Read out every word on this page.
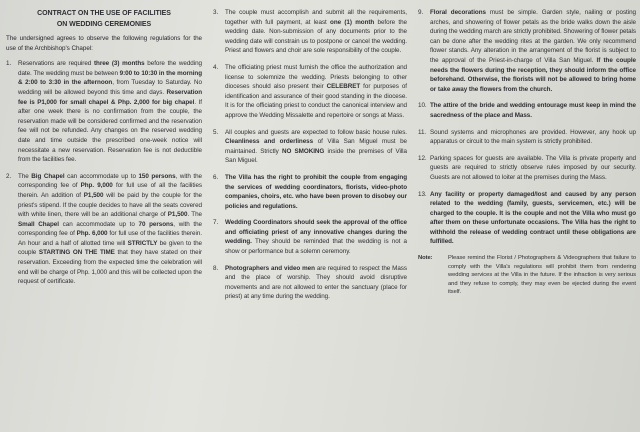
CONTRACT ON THE USE OF FACILITIES
ON WEDDING CEREMONIES

The undersigned agrees to observe the following regulations for the use of the Archbishop's Chapel:
1.	Reservations are required three (3) months before the wedding date. The wedding must be between 9:00 to 10:30 in the morning & 2:00 to 3:30 in the afternoon, from Tuesday to Saturday. No wedding will be allowed beyond this time and days. Reservation fee is P1,000 for small chapel & Php. 2,000 for big chapel. If after one week there is no confirmation from the couple, the reservation made will be considered confirmed and the reservation fee will not be refunded. Any changes on the reserved wedding date and time outside the prescribed one-week notice will necessitate a new reservation. Reservation fee is not deductible from the facilities fee.
2.	The Big Chapel can accommodate up to 150 persons, with the corresponding fee of Php. 9,000 for full use of all the facilities therein. An addition of P1,500 will be paid by the couple for the priest's stipend. If the couple decides to have all the seats covered with white linen, there will be an additional charge of P1,500. The Small Chapel can accommodate up to 70 persons, with the corresponding fee of Php. 6,000 for full use of the facilities therein. An hour and a half of allotted time will STRICTLY be given to the couple STARTING ON THE TIME that they have stated on their reservation. Exceeding from the expected time the celebration will end will be charge of Php. 1,000 and this will be collected upon the request of certificate.
3.	The couple must accomplish and submit all the requirements, together with full payment, at least one (1) month before the wedding date. Non-submission of any documents prior to the wedding date will constrain us to postpone or cancel the wedding. Priest and flowers and choir are sole responsibility of the couple.
4.	The officiating priest must furnish the office the authorization and license to solemnize the wedding. Priests belonging to other dioceses should also present their CELEBRET for purposes of identification and assurance of their good standing in the diocese. It is for the officiating priest to conduct the canonical interview and approve the Wedding Missalette and repertoire or songs at Mass.
5.	All couples and guests are expected to follow basic house rules. Cleanliness and orderliness of Villa San Miguel must be maintained. Strictly NO SMOKING inside the premises of Villa San Miguel.
6.	The Villa has the right to prohibit the couple from engaging the services of wedding coordinators, florists, video-photo companies, choirs, etc. who have been proven to disobey our policies and regulations.
7.	Wedding Coordinators should seek the approval of the office and officiating priest of any innovative changes during the wedding. They should be reminded that the wedding is not a show or performance but a solemn ceremony.
8.	Photographers and video men are required to respect the Mass and the place of worship. They should avoid disruptive movements and are not allowed to enter the sanctuary (place for priest) at any time during the wedding.
9.	Floral decorations must be simple. Garden style, nailing or posting arches, and showering of flower petals as the bride walks down the aisle during the wedding march are strictly prohibited. Showering of flower petals can be done after the wedding rites at the garden. We only recommend flower stands. Any alteration in the arrangement of the florist is subject to the approval of the Priest-in-charge of Villa San Miguel. If the couple needs the flowers during the reception, they should inform the office beforehand. Otherwise, the florists will not be allowed to bring home or take away the flowers from the church.
10. The attire of the bride and wedding entourage must keep in mind the sacredness of the place and Mass.
11. Sound systems and microphones are provided. However, any hook up apparatus or circuit to the main system is strictly prohibited.
12. Parking spaces for guests are available. The Villa is private property and guests are required to strictly observe rules imposed by our security. Guests are not allowed to loiter at the premises during the Mass.
13. Any facility or property damaged/lost and caused by any person related to the wedding (family, guests, servicemen, etc.) will be charged to the couple. It is the couple and not the Villa who must go after them on these unfortunate occasions. The Villa has the right to withhold the release of wedding contract until these obligations are fulfilled.
Note:	Please remind the Florist / Photographers & Videographers that failure to comply with the Villa's regulations will prohibit them from rendering wedding services at the Villa in the future. If the infraction is very serious and they refuse to comply, they may even be ejected during the event itself.
